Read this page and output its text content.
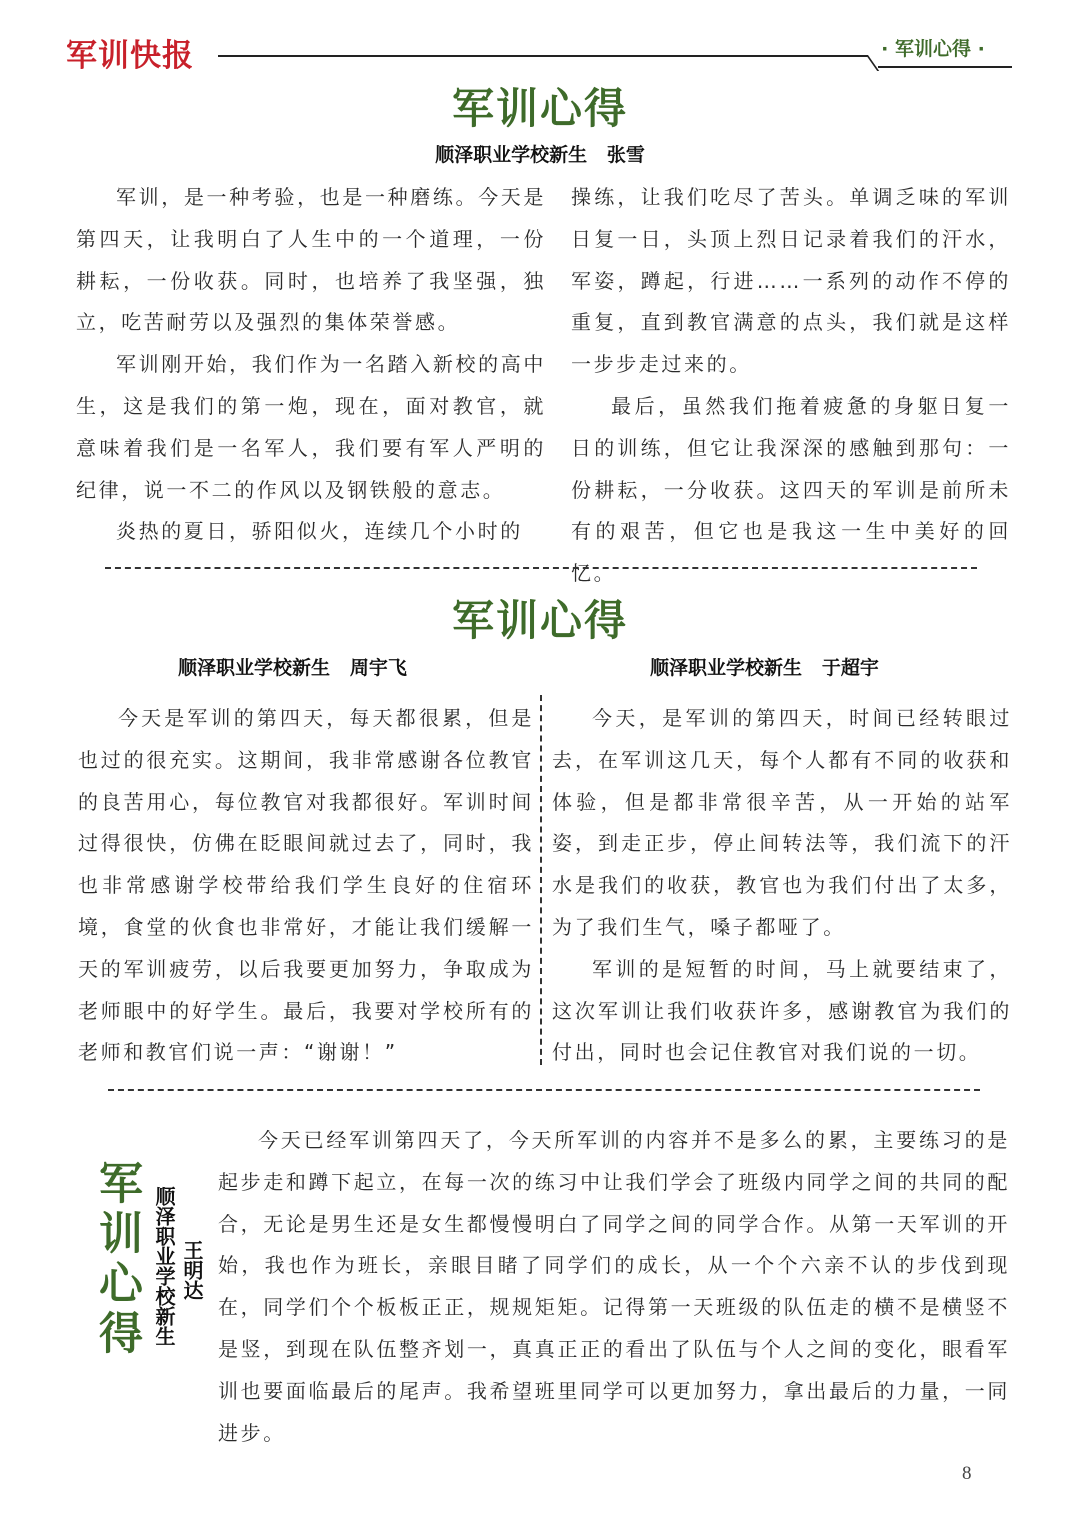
军训快报	· 军训心得 ·
军训心得
顺泽职业学校新生   张雪

军训，是一种考验，也是一种磨练。今天是第四天，让我明白了人生中的一个道理，一份耕耘，一份收获。同时，也培养了我坚强，独立，吃苦耐劳以及强烈的集体荣誉感。

军训刚开始，我们作为一名踏入新校的高中生，这是我们的第一炮，现在，面对教官，就意味着我们是一名军人，我们要有军人严明的纪律，说一不二的作风以及钢铁般的意志。

炎热的夏日，骄阳似火，连续几个小时的

操练，让我们吃尽了苦头。单调乏味的军训日复一日，头顶上烈日记录着我们的汗水，军姿，蹲起，行进……一系列的动作不停的重复，直到教官满意的点头，我们就是这样一步步走过来的。

最后，虽然我们拖着疲惫的身躯日复一日的训练，但它让我深深的感触到那句：一份耕耘，一分收获。这四天的军训是前所未有的艰苦，但它也是我这一生中美好的回忆。

军训心得
顺泽职业学校新生   周宇飞	顺泽职业学校新生   于超宇

今天是军训的第四天，每天都很累，但是也过的很充实。这期间，我非常感谢各位教官的良苦用心，每位教官对我都很好。军训时间过得很快，仿佛在眨眼间就过去了，同时，我也非常感谢学校带给我们学生良好的住宿环境，食堂的伙食也非常好，才能让我们缓解一天的军训疲劳，以后我要更加努力，争取成为老师眼中的好学生。最后，我要对学校所有的老师和教官们说一声：“谢谢！”

今天，是军训的第四天，时间已经转眼过去，在军训这几天，每个人都有不同的收获和体验，但是都非常很辛苦，从一开始的站军姿，到走正步，停止间转法等，我们流下的汗水是我们的收获，教官也为我们付出了太多，为了我们生气，嗓子都哑了。

军训的是短暂的时间，马上就要结束了，这次军训让我们收获许多，感谢教官为我们的付出，同时也会记住教官对我们说的一切。

军训心得 顺泽职业学校新生 王明达

今天已经军训第四天了，今天所军训的内容并不是多么的累，主要练习的是起步走和蹲下起立，在每一次的练习中让我们学会了班级内同学之间的共同的配合，无论是男生还是女生都慢慢明白了同学之间的同学合作。从第一天军训的开始，我也作为班长，亲眼目睹了同学们的成长，从一个个六亲不认的步伐到现在，同学们个个板板正正，规规矩矩。记得第一天班级的队伍走的横不是横竖不是竖，到现在队伍整齐划一，真真正正的看出了队伍与个人之间的变化，眼看军训也要面临最后的尾声。我希望班里同学可以更加努力，拿出最后的力量，一同进步。

8
